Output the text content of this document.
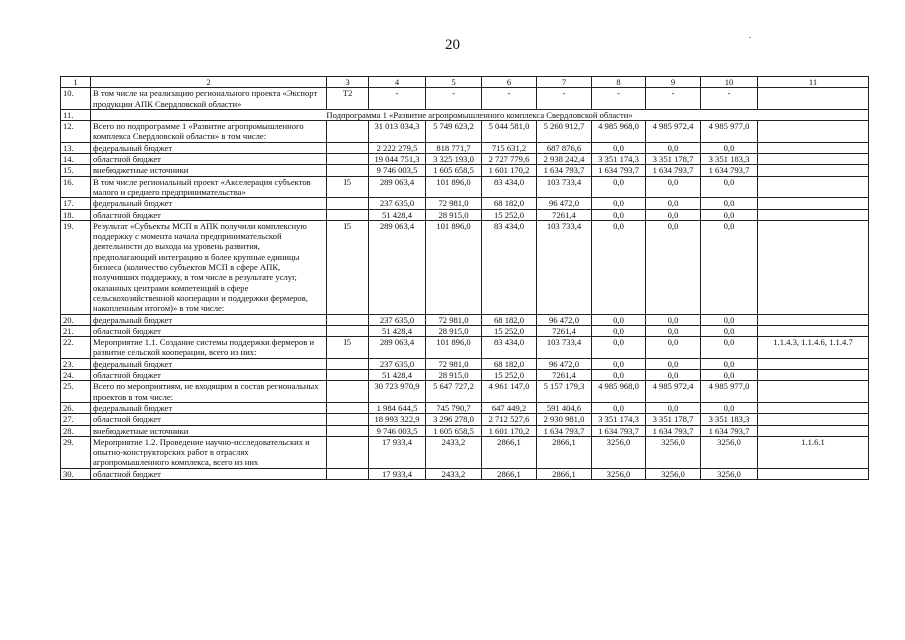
20
1	2	3	4	5	6	7	8	9	10	11
10.	В том числе на реализацию регионального проекта «Экспорт продукции АПК Свердловской области»	Т2	-	-	-	-	-	-	-	
11.	Подпрограмма 1 «Развитие агропромышленного комплекса Свердловской области»									
12.	Всего по подпрограмме 1 «Развитие агропромышленного комплекса Свердловской области» в том числе:		31 013 034,3	5 749 623,2	5 044 581,0	5 260 912,7	4 985 968,0	4 985 972,4	4 985 977,0	
13.	федеральный бюджет		2 222 279,5	818 771,7	715 631,2	687 876,6	0,0	0,0	0,0	
14.	областной бюджет		19 044 751,3	3 325 193,0	2 727 779,6	2 938 242,4	3 351 174,3	3 351 178,7	3 351 183,3	
15.	внебюджетные источники		9 746 003,5	1 605 658,5	1 601 170,2	1 634 793,7	1 634 793,7	1 634 793,7	1 634 793,7	
16.	В том числе региональный проект «Акселерация субъектов малого и среднего предпринимательства»	I5	289 063,4	101 896,0	83 434,0	103 733,4	0,0	0,0	0,0	
17.	федеральный бюджет		237 635,0	72 981,0	68 182,0	96 472,0	0,0	0,0	0,0	
18.	областной бюджет		51 428,4	28 915,0	15 252,0	7261,4	0,0	0,0	0,0	
19.	Результат «Субъекты МСП в АПК получили комплексную поддержку с момента начала предпринимательской деятельности до выхода на уровень развития, предполагающий интеграцию в более крупные единицы бизнеса (количество субъектов МСП в сфере АПК, получивших поддержку, в том числе в результате услуг, оказанных центрами компетенций в сфере сельскохозяйственной кооперации и поддержки фермеров, накопленным итогом)» в том числе:	I5	289 063,4	101 896,0	83 434,0	103 733,4	0,0	0,0	0,0	
20.	федеральный бюджет		237 635,0	72 981,0	68 182,0	96 472,0	0,0	0,0	0,0	
21.	областной бюджет		51 428,4	28 915,0	15 252,0	7261,4	0,0	0,0	0,0	
22.	Мероприятие 1.1. Создание системы поддержки фермеров и развитие сельской кооперации, всего из них:	I5	289 063,4	101 896,0	83 434,0	103 733,4	0,0	0,0	0,0	1.1.4.3, 1.1.4.6, 1.1.4.7
23.	федеральный бюджет		237 635,0	72 981,0	68 182,0	96 472,0	0,0	0,0	0,0	
24.	областной бюджет		51 428,4	28 915,0	15 252,0	7261,4	0,0	0,0	0,0	
25.	Всего по мероприятиям, не входящим в состав региональных проектов в том числе:		30 723 970,9	5 647 727,2	4 961 147,0	5 157 179,3	4 985 968,0	4 985 972,4	4 985 977,0	
26.	федеральный бюджет		1 984 644,5	745 790,7	647 449,2	591 404,6	0,0	0,0	0,0	
27.	областной бюджет		18 993 322,9	3 296 278,0	2 712 527,6	2 930 981,0	3 351 174,3	3 351 178,7	3 351 183,3	
28.	внебюджетные источники		9 746 003,5	1 605 658,5	1 601 170,2	1 634 793,7	1 634 793,7	1 634 793,7	1 634 793,7	
29.	Мероприятие 1.2. Проведение научно-исследовательских и опытно-конструкторских работ в отраслях агропромышленного комплекса, всего из них		17 933,4	2433,2	2866,1	2866,1	3256,0	3256,0	3256,0	1.1.6.1
30.	областной бюджет		17 933,4	2433,2	2866,1	2866,1	3256,0	3256,0	3256,0	
